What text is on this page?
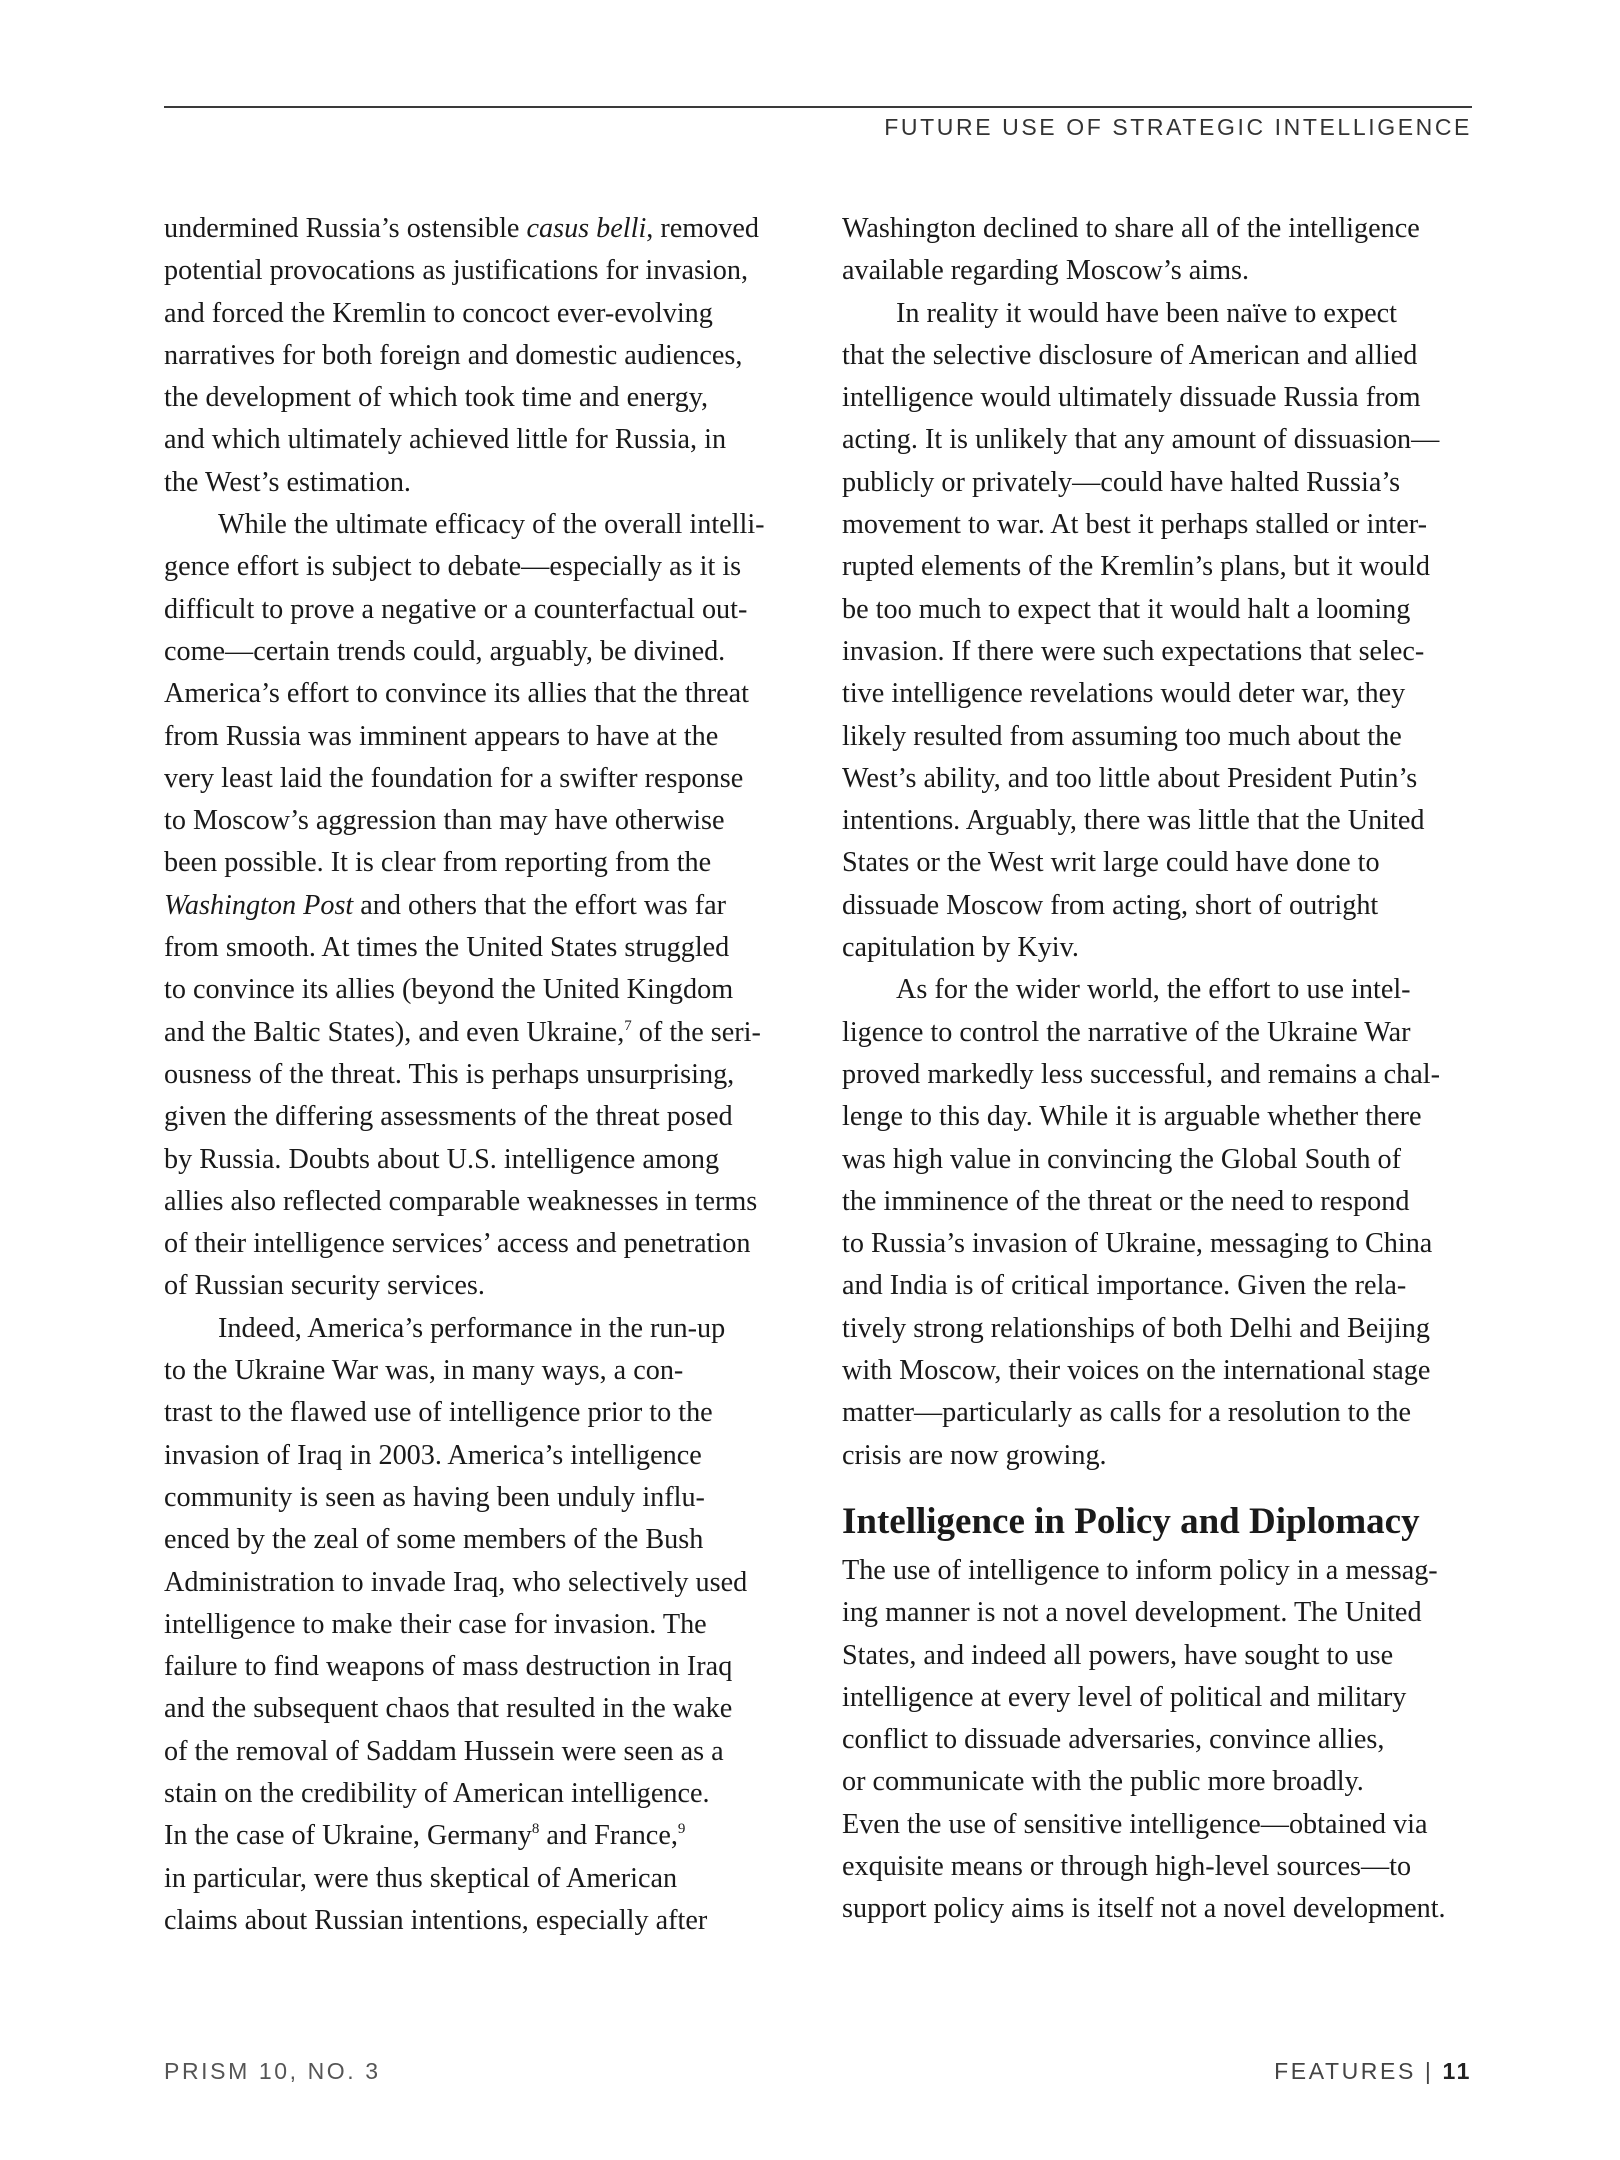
FUTURE USE OF STRATEGIC INTELLIGENCE
undermined Russia’s ostensible casus belli, removed
potential provocations as justifications for invasion,
and forced the Kremlin to concoct ever-evolving
narratives for both foreign and domestic audiences,
the development of which took time and energy,
and which ultimately achieved little for Russia, in
the West’s estimation.
While the ultimate efficacy of the overall intelli-
gence effort is subject to debate—especially as it is
difficult to prove a negative or a counterfactual out-
come—certain trends could, arguably, be divined.
America’s effort to convince its allies that the threat
from Russia was imminent appears to have at the
very least laid the foundation for a swifter response
to Moscow’s aggression than may have otherwise
been possible. It is clear from reporting from the
Washington Post and others that the effort was far
from smooth. At times the United States struggled
to convince its allies (beyond the United Kingdom
and the Baltic States), and even Ukraine,$^7$ of the seri-
ousness of the threat. This is perhaps unsurprising,
given the differing assessments of the threat posed
by Russia. Doubts about U.S. intelligence among
allies also reflected comparable weaknesses in terms
of their intelligence services’ access and penetration
of Russian security services.
Indeed, America’s performance in the run-up
to the Ukraine War was, in many ways, a con-
trast to the flawed use of intelligence prior to the
invasion of Iraq in 2003. America’s intelligence
community is seen as having been unduly influ-
enced by the zeal of some members of the Bush
Administration to invade Iraq, who selectively used
intelligence to make their case for invasion. The
failure to find weapons of mass destruction in Iraq
and the subsequent chaos that resulted in the wake
of the removal of Saddam Hussein were seen as a
stain on the credibility of American intelligence.
In the case of Ukraine, Germany$^8$ and France,$^9$
in particular, were thus skeptical of American
claims about Russian intentions, especially after
Washington declined to share all of the intelligence
available regarding Moscow’s aims.
In reality it would have been naïve to expect
that the selective disclosure of American and allied
intelligence would ultimately dissuade Russia from
acting. It is unlikely that any amount of dissuasion—
publicly or privately—could have halted Russia’s
movement to war. At best it perhaps stalled or inter-
rupted elements of the Kremlin’s plans, but it would
be too much to expect that it would halt a looming
invasion. If there were such expectations that selec-
tive intelligence revelations would deter war, they
likely resulted from assuming too much about the
West’s ability, and too little about President Putin’s
intentions. Arguably, there was little that the United
States or the West writ large could have done to
dissuade Moscow from acting, short of outright
capitulation by Kyiv.
As for the wider world, the effort to use intel-
ligence to control the narrative of the Ukraine War
proved markedly less successful, and remains a chal-
lenge to this day. While it is arguable whether there
was high value in convincing the Global South of
the imminence of the threat or the need to respond
to Russia’s invasion of Ukraine, messaging to China
and India is of critical importance. Given the rela-
tively strong relationships of both Delhi and Beijing
with Moscow, their voices on the international stage
matter—particularly as calls for a resolution to the
crisis are now growing.
Intelligence in Policy and Diplomacy
The use of intelligence to inform policy in a messag-
ing manner is not a novel development. The United
States, and indeed all powers, have sought to use
intelligence at every level of political and military
conflict to dissuade adversaries, convince allies,
or communicate with the public more broadly.
Even the use of sensitive intelligence—obtained via
exquisite means or through high-level sources—to
support policy aims is itself not a novel development.
PRISM 10, NO. 3	FEATURES | 11
